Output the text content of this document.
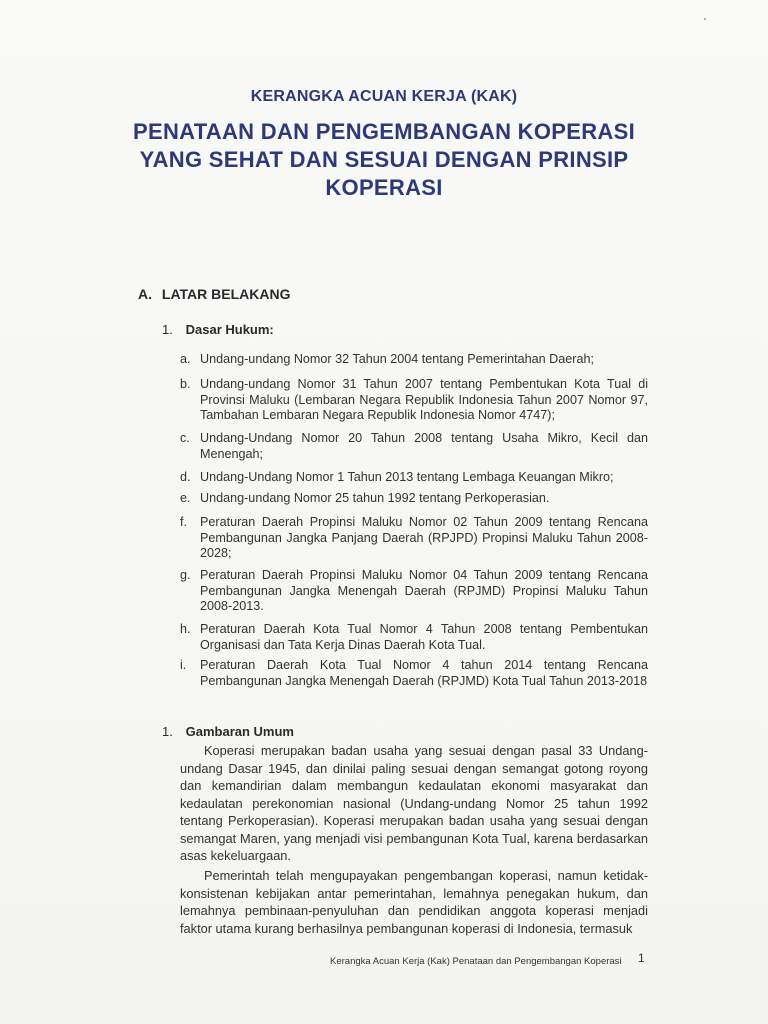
KERANGKA ACUAN KERJA (KAK)
PENATAAN DAN PENGEMBANGAN KOPERASI
YANG SEHAT DAN SESUAI DENGAN PRINSIP
KOPERASI
A. LATAR BELAKANG
1. Dasar Hukum:
a. Undang-undang Nomor 32 Tahun 2004 tentang Pemerintahan Daerah;
b. Undang-undang Nomor 31 Tahun 2007 tentang Pembentukan Kota Tual di Provinsi Maluku (Lembaran Negara Republik Indonesia Tahun 2007 Nomor 97, Tambahan Lembaran Negara Republik Indonesia Nomor 4747);
c. Undang-Undang Nomor 20 Tahun 2008 tentang Usaha Mikro, Kecil dan Menengah;
d. Undang-Undang Nomor 1 Tahun 2013 tentang Lembaga Keuangan Mikro;
e. Undang-undang Nomor 25 tahun 1992 tentang Perkoperasian.
f.	Peraturan Daerah Propinsi Maluku Nomor 02 Tahun 2009 tentang Rencana Pembangunan Jangka Panjang Daerah (RPJPD) Propinsi Maluku Tahun 2008-2028;
g. Peraturan Daerah Propinsi Maluku Nomor 04 Tahun 2009 tentang Rencana Pembangunan Jangka Menengah Daerah (RPJMD) Propinsi Maluku Tahun 2008-2013.
h. Peraturan Daerah Kota Tual Nomor 4 Tahun 2008 tentang Pembentukan Organisasi dan Tata Kerja Dinas Daerah Kota Tual.
i.	Peraturan Daerah Kota Tual Nomor 4 tahun 2014 tentang Rencana Pembangunan Jangka Menengah Daerah (RPJMD) Kota Tual Tahun 2013-2018
1. Gambaran Umum

Koperasi merupakan badan usaha yang sesuai dengan pasal 33 Undang-undang Dasar 1945, dan dinilai paling sesuai dengan semangat gotong royong dan kemandirian dalam membangun kedaulatan ekonomi masyarakat dan kedaulatan perekonomian nasional (Undang-undang Nomor 25 tahun 1992 tentang Perkoperasian). Koperasi merupakan badan usaha yang sesuai dengan semangat Maren, yang menjadi visi pembangunan Kota Tual, karena berdasarkan asas kekeluargaan.

Pemerintah telah mengupayakan pengembangan koperasi, namun ketidak-konsistenan kebijakan antar pemerintahan, lemahnya penegakan hukum, dan lemahnya pembinaan-penyuluhan dan pendidikan anggota koperasi menjadi faktor utama kurang berhasilnya pembangunan koperasi di Indonesia, termasuk

Kerangka Acuan Kerja (Kak) Penataan dan Pengembangan Koperasi 1
